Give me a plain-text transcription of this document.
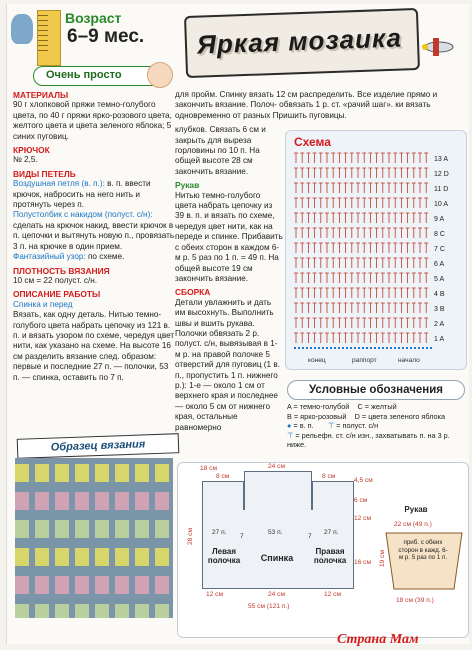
Возраст
6–9 мес.
Очень просто
Яркая мозаика
МАТЕРИАЛЫ
90 г хлопковой пряжи темно-голубого цвета, по 40 г пряжи ярко-розового цвета, желтого цвета и цвета зеленого яблока; 5 синих пуговиц.
КРЮЧОК
№ 2,5.
ВИДЫ ПЕТЕЛЬ
Воздушная петля (в. п.): в. п. ввести крючок, набросить на него нить и протянуть через п.
Полустолбик с накидом (полуст. с/н): сделать на крючок накид, ввести крючок в п. цепочки и вытянуть новую п., провязать 3 п. на крючке в один прием.
Фантазийный узор: по схеме.
ПЛОТНОСТЬ ВЯЗАНИЯ
10 см = 22 полуст. с/н.
ОПИСАНИЕ РАБОТЫ
Спинка и перед
Вязать, как одну деталь. Нитью темно-голубого цвета набрать цепочку из 121 в. п. и вязать узором по схеме, чередуя цвет нити, как указано на схеме. На высоте 16 см разделить вязание след. образом: первые и последние 27 п. — полочки, 53 п. — спинка, оставить по 7 п.
для пройм. Спинку вязать 12 см распределить. Все изделие прямо и закончить вязание. Полоч- обвязать 1 р. ст. «рачий шаг». ки вязать одновременно от разных Пришить пуговицы.
клубков. Связать 6 см и закрыть для выреза горловины по 10 п. На общей высоте 28 см закончить вязание.
Рукав
Нитью темно-голубого цвета набрать цепочку из 39 в. п. и вязать по схеме, чередуя цвет нити, как на переде и спинке. Прибавить с обеих сторон в каждом 6-м р. 5 раз по 1 п. = 49 п. На общей высоте 19 см закончить вязание.
СБОРКА
Детали увлажнить и дать им высохнуть. Выполнить швы и вшить рукава. Полочки обвязать 2 р. полуст. с/н, вывязывая в 1-м р. на правой полочке 5 отверстий для пуговиц (1 в. п., пропустить 1 п. нижнего р.): 1-е — около 1 см от верхнего края и последнее — около 5 см от нижнего края, остальные равномерно
Схема
13 A
12 D
11 D
10 A
9 A
8 C
7 C
6 A
5 A
4 B
3 B
2 A
1 A
конец	раппорт	начало
Условные обозначения
A = темно-голубой C = желтый
B = ярко-розовый D = цвета зеленого яблока
● = в. п. ⊤ = полуст. с/н
⊤ = рельефн. ст. с/н изн., захватывать п. на 3 р. ниже.
Образец вязания
Левая полочка	Спинка
Правая полочка
53 п.
27 п.	27 п.
7	7
18 см
8 см
24 см
8 см
4,5 см
6 см
12 см
16 см
28 см
12 см	24 см	12 см
55 см (121 п.)
Рукав
22 см (49 п.)
приб. с обеих сторон в кажд. 6-м р. 5 раз по 1 п.
18 см (39 п.)
19 см
Страна Мам
